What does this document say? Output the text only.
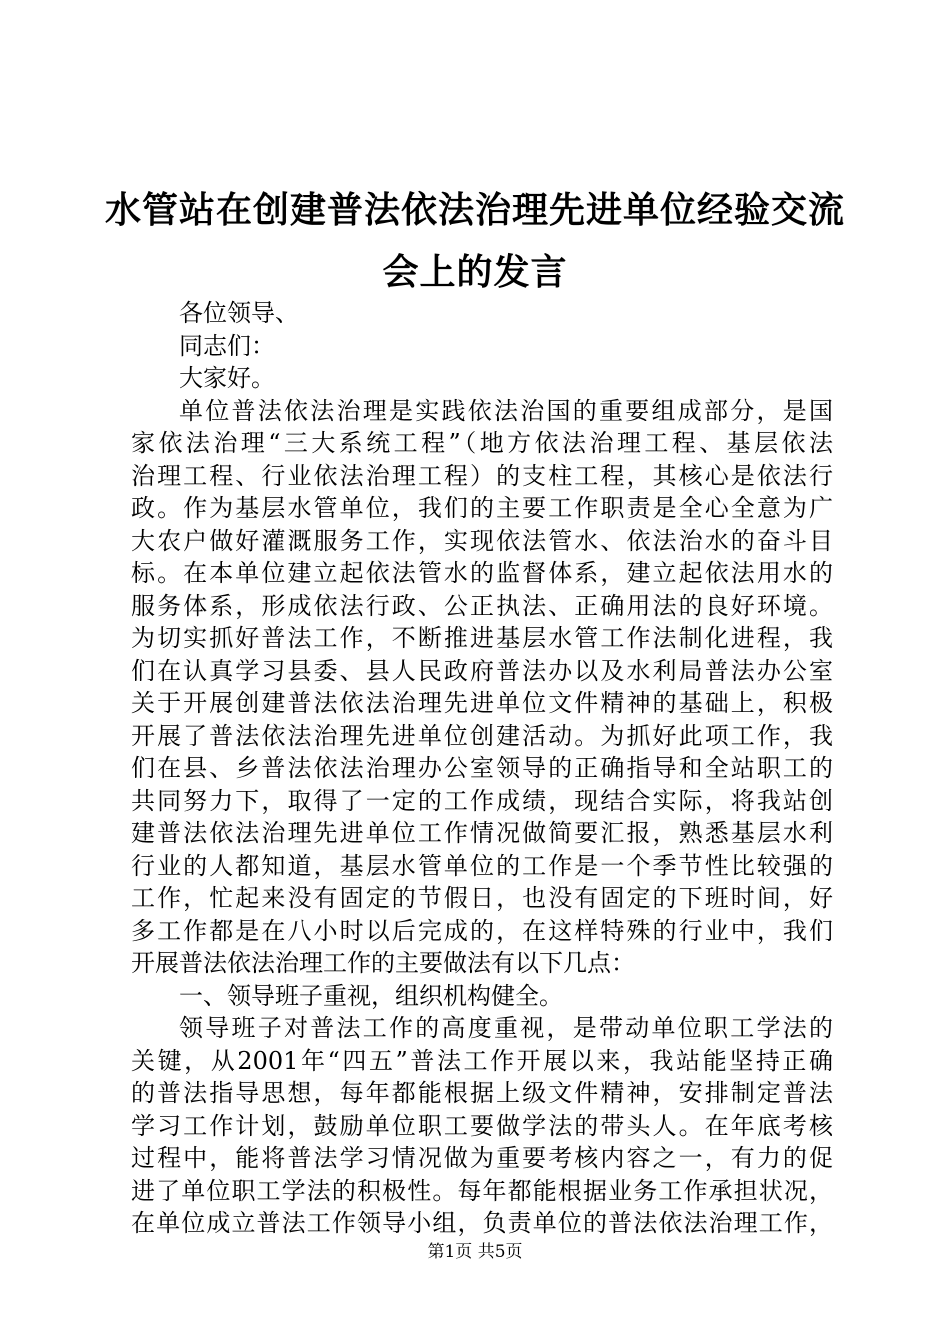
水管站在创建普法依法治理先进单位经验交流
会上的发言
各位领导、
同志们：
大家好。
单位普法依法治理是实践依法治国的重要组成部分，是国
家依法治理“三大系统工程”（地方依法治理工程、基层依法
治理工程、行业依法治理工程）的支柱工程，其核心是依法行
政。作为基层水管单位，我们的主要工作职责是全心全意为广
大农户做好灌溉服务工作，实现依法管水、依法治水的奋斗目
标。在本单位建立起依法管水的监督体系，建立起依法用水的
服务体系，形成依法行政、公正执法、正确用法的良好环境。
为切实抓好普法工作，不断推进基层水管工作法制化进程，我
们在认真学习县委、县人民政府普法办以及水利局普法办公室
关于开展创建普法依法治理先进单位文件精神的基础上，积极
开展了普法依法治理先进单位创建活动。为抓好此项工作，我
们在县、乡普法依法治理办公室领导的正确指导和全站职工的
共同努力下，取得了一定的工作成绩，现结合实际，将我站创
建普法依法治理先进单位工作情况做简要汇报，熟悉基层水利
行业的人都知道，基层水管单位的工作是一个季节性比较强的
工作，忙起来没有固定的节假日，也没有固定的下班时间，好
多工作都是在八小时以后完成的，在这样特殊的行业中，我们
开展普法依法治理工作的主要做法有以下几点：
一、领导班子重视，组织机构健全。
领导班子对普法工作的高度重视，是带动单位职工学法的
关键，从2001年“四五”普法工作开展以来，我站能坚持正确
的普法指导思想，每年都能根据上级文件精神，安排制定普法
学习工作计划，鼓励单位职工要做学法的带头人。在年底考核
过程中，能将普法学习情况做为重要考核内容之一，有力的促
进了单位职工学法的积极性。每年都能根据业务工作承担状况，
在单位成立普法工作领导小组，负责单位的普法依法治理工作，
第1页 共5页
